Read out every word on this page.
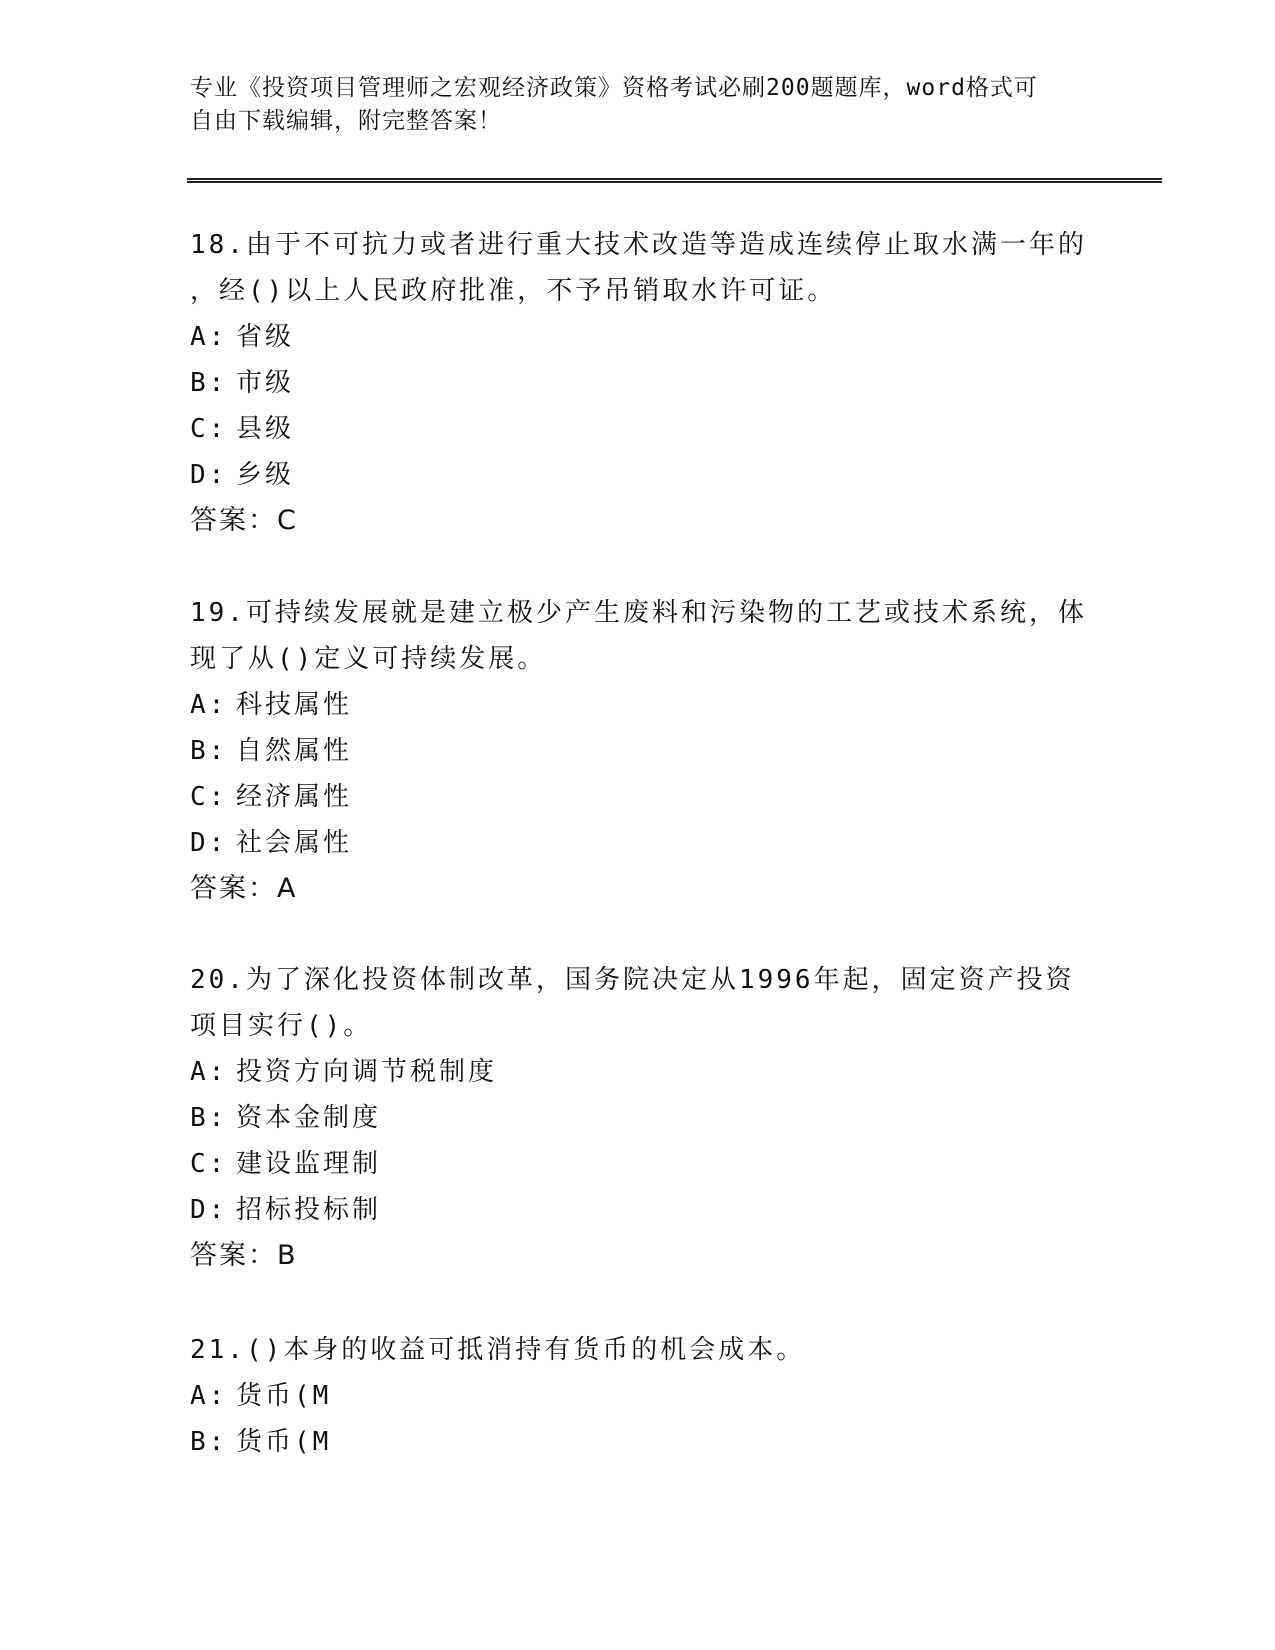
专业《投资项目管理师之宏观经济政策》资格考试必刷200题题库，word格式可
自由下载编辑，附完整答案！
18.由于不可抗力或者进行重大技术改造等造成连续停止取水满一年的
，经()以上人民政府批准，不予吊销取水许可证。
A: 省级
B: 市级
C: 县级
D: 乡级
答案：C
19.可持续发展就是建立极少产生废料和污染物的工艺或技术系统，体
现了从()定义可持续发展。
A: 科技属性
B: 自然属性
C: 经济属性
D: 社会属性
答案：A
20.为了深化投资体制改革，国务院决定从1996年起，固定资产投资
项目实行()。
A: 投资方向调节税制度
B: 资本金制度
C: 建设监理制
D: 招标投标制
答案：B
21.()本身的收益可抵消持有货币的机会成本。
A: 货币(M
B: 货币(M
